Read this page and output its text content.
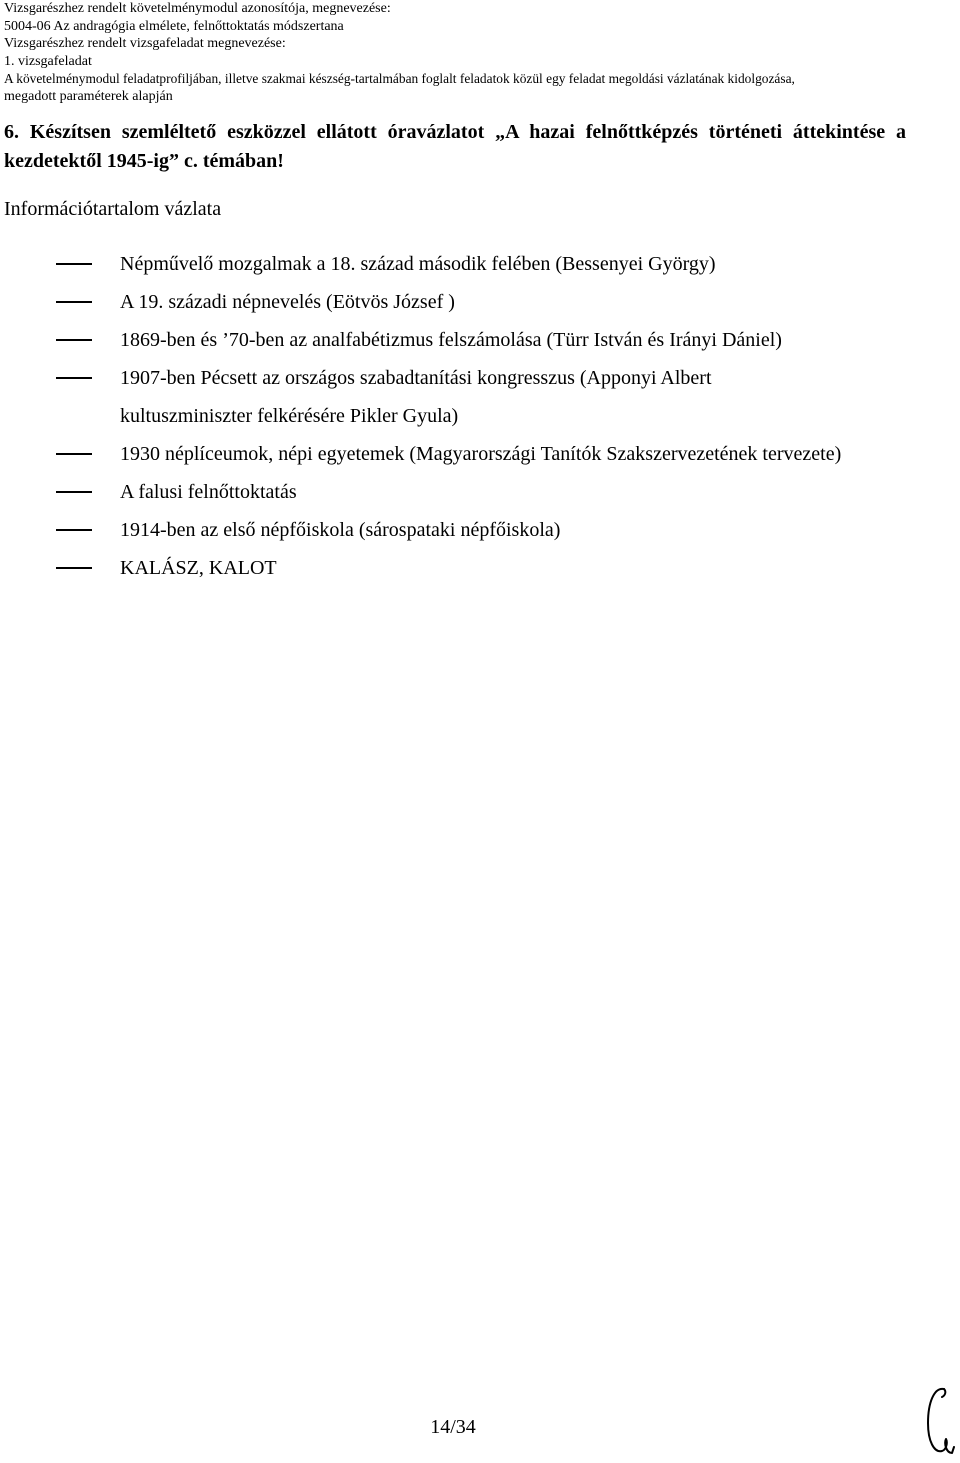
Vizsgarészhez rendelt követelménymodul azonosítója, megnevezése:
5004-06 Az andragógia elmélete, felnőttoktatás módszertana
Vizsgarészhez rendelt vizsgafeladat megnevezése:
1. vizsgafeladat
A követelménymodul feladatprofiljában, illetve szakmai készség-tartalmában foglalt feladatok közül egy feladat megoldási vázlatának kidolgozása,
megadott paraméterek alapján
6. Készítsen szemléltető eszközzel ellátott óravázlatot „A hazai felnőttképzés történeti áttekintése a kezdetektől 1945-ig” c. témában!
Információtartalom vázlata
Népművelő mozgalmak a 18. század második felében (Bessenyei György)
A 19. századi népnevelés (Eötvös József )
1869-ben és ’70-ben az analfabétizmus felszámolása (Türr István és Irányi Dániel)
1907-ben Pécsett az országos szabadtanítási kongresszus (Apponyi Albert kultuszminiszter felkérésére Pikler Gyula)
1930 néplíceumok, népi egyetemek (Magyarországi Tanítók Szakszervezetének tervezete)
A falusi felnőttoktatás
1914-ben az első népfőiskola (sárospataki népfőiskola)
KALÁSZ, KALOT
14/34
